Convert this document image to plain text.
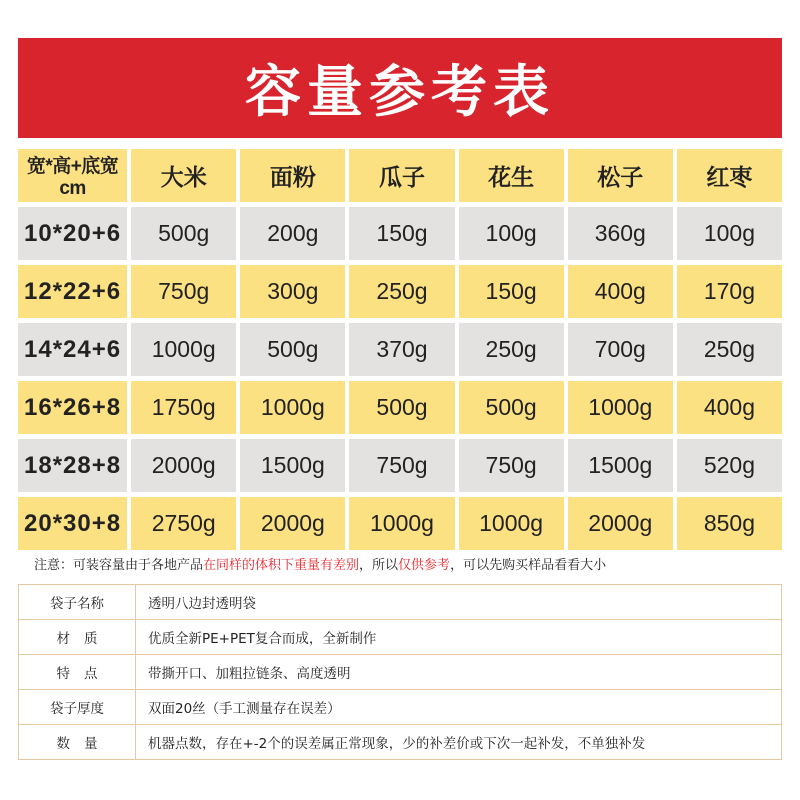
容量参考表
宽*高+底宽cm	大米	面粉	瓜子	花生	松子	红枣
10*20+6	500g	200g	150g	100g	360g	100g
12*22+6	750g	300g	250g	150g	400g	170g
14*24+6	1000g	500g	370g	250g	700g	250g
16*26+8	1750g	1000g	500g	500g	1000g	400g
18*28+8	2000g	1500g	750g	750g	1500g	520g
20*30+8	2750g	2000g	1000g	1000g	2000g	850g
注意：可装容量由于各地产品 在同样的体积下重量有差别 ，所以 仅供参考 ，可以先购买样品看看大小
袋子名称	透明八边封透明袋
材质	优质全新PE+PET复合而成，全新制作
特点	带撕开口、加粗拉链条、高度透明
袋子厚度	双面20丝（手工测量存在误差）
数量	机器点数，存在+-2个的误差属正常现象，少的补差价或下次一起补发，不单独补发
